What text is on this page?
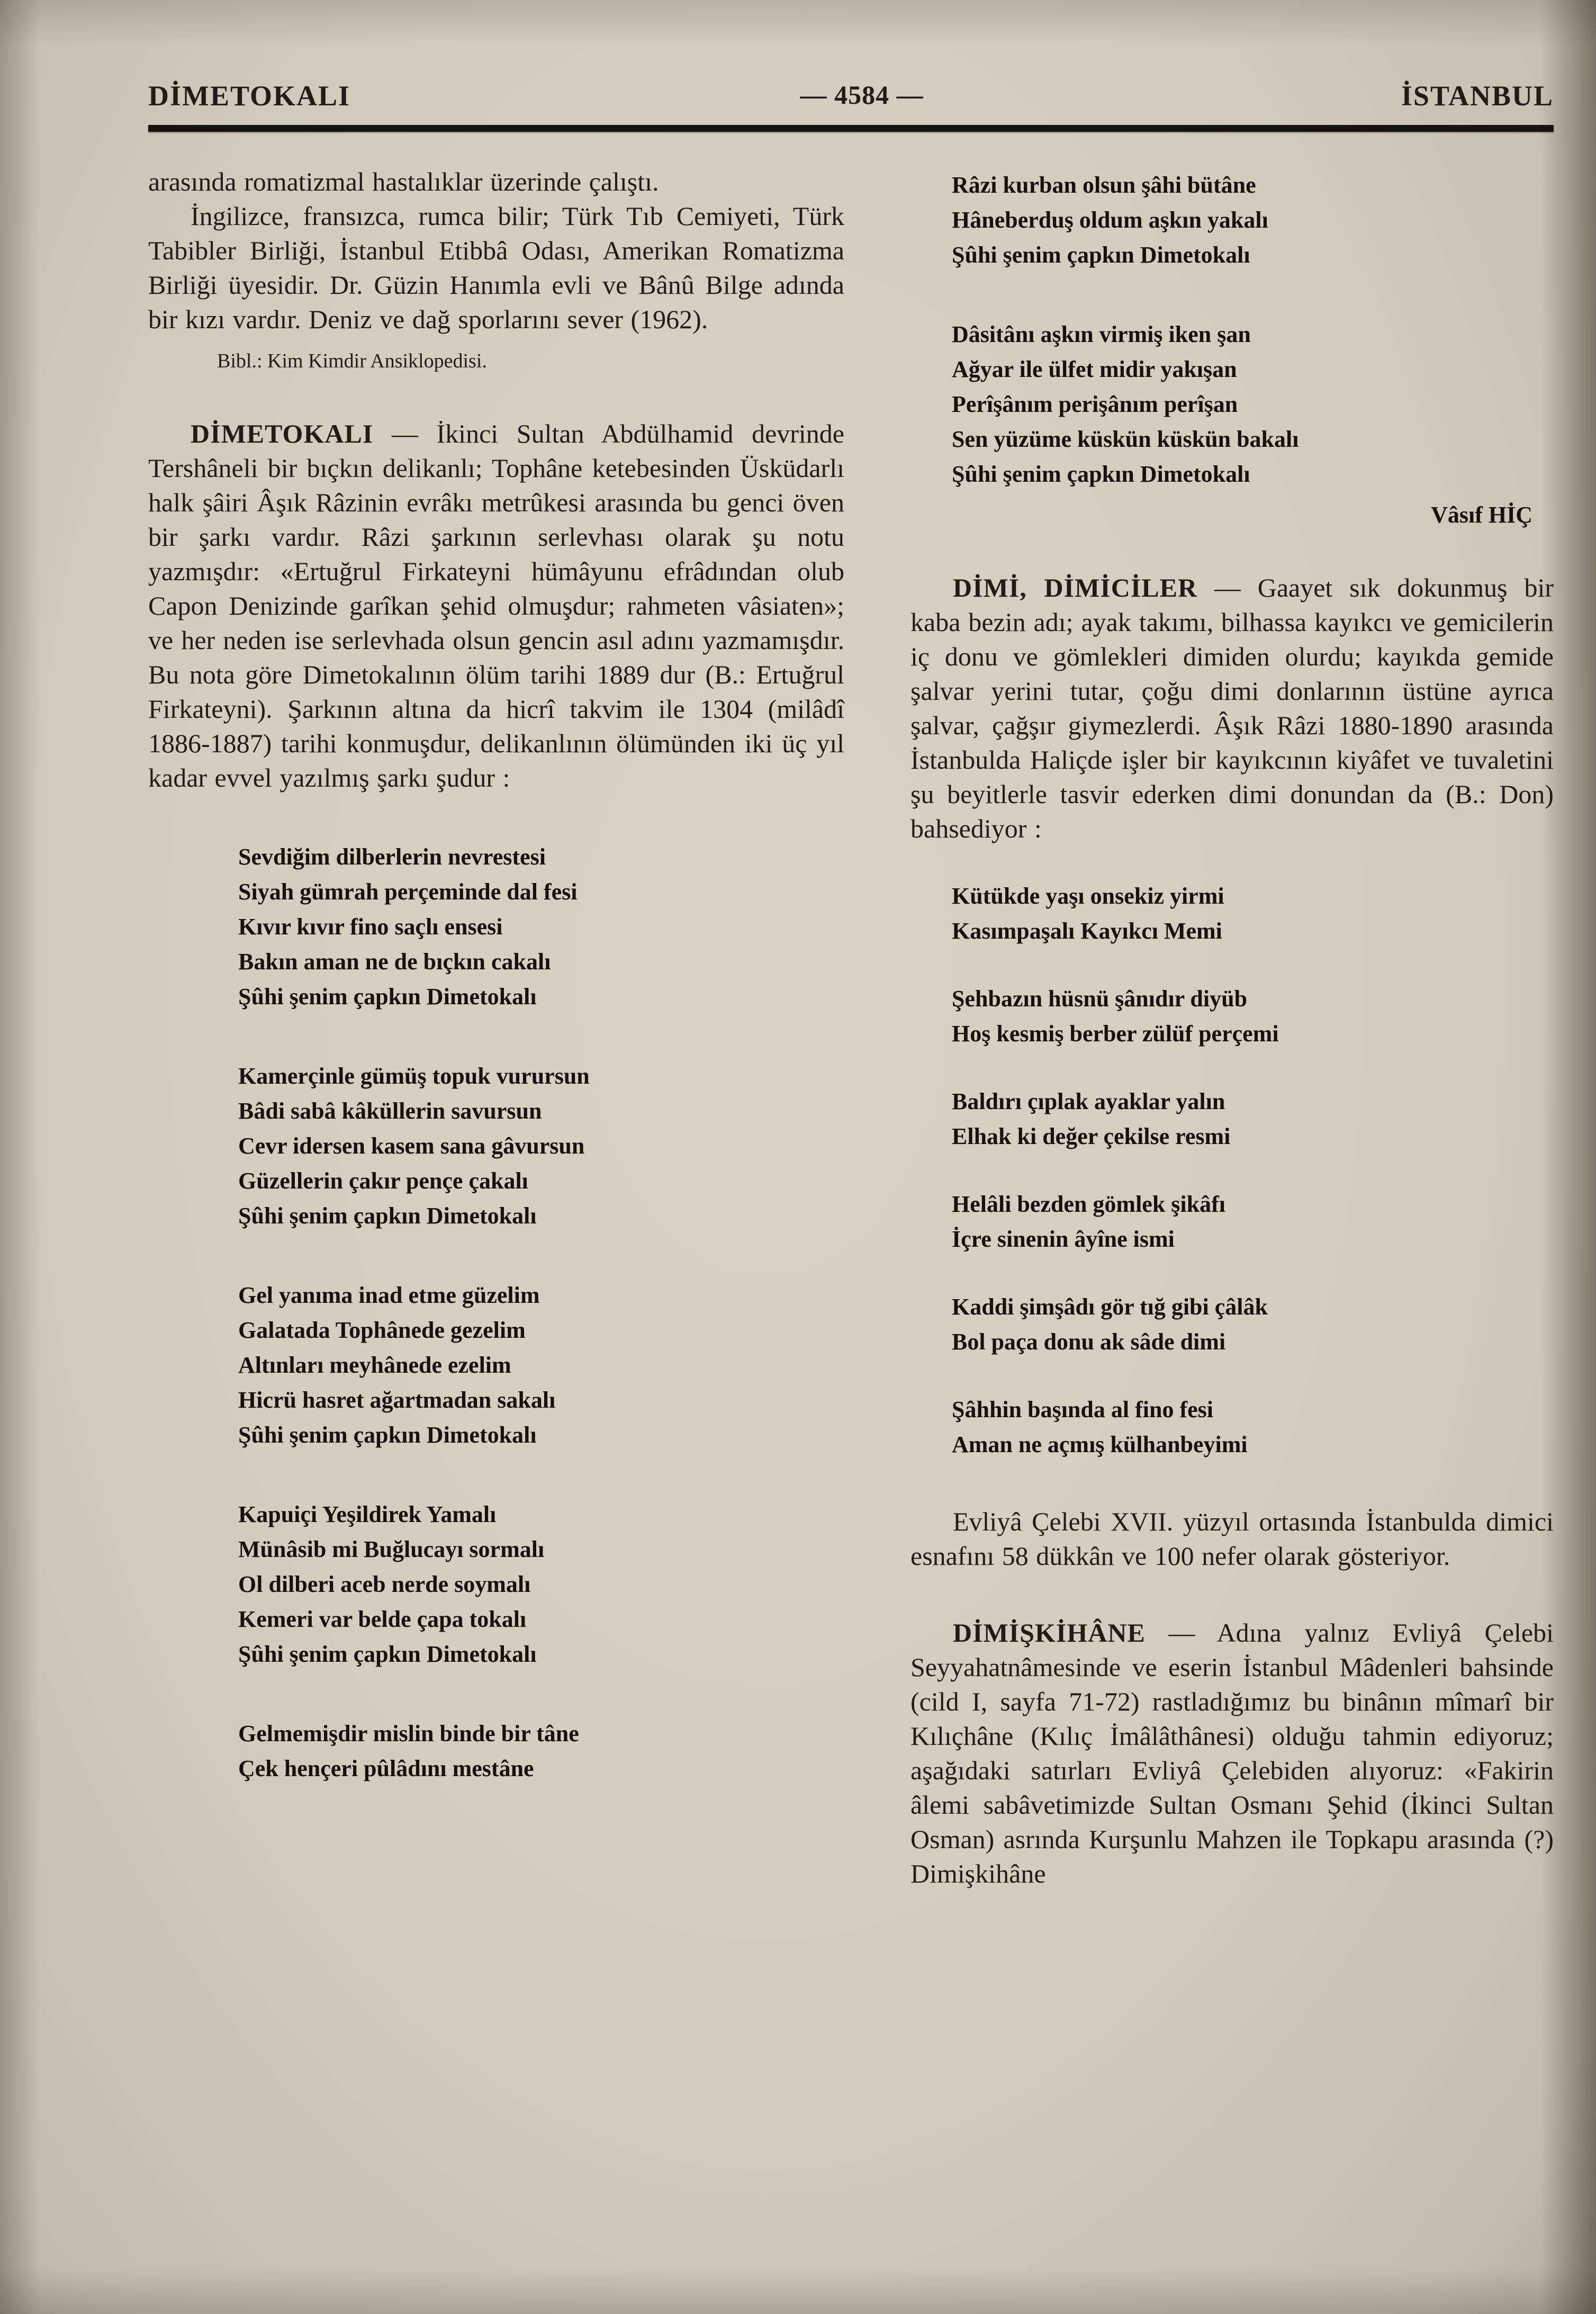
DİMETOKALI	— 4584 —	İSTANBUL

arasında romatizmal hastalıklar üzerinde çalıştı.

İngilizce, fransızca, rumca bilir; Türk Tıb Cemiyeti, Türk Tabibler Birliği, İstanbul Etibbâ Odası, Amerikan Romatizma Birliği üyesidir. Dr. Güzin Hanımla evli ve Bânû Bilge adında bir kızı vardır. Deniz ve dağ sporlarını sever (1962).

Bibl.: Kim Kimdir Ansiklopedisi.

DİMETOKALI — İkinci Sultan Abdülhamid devrinde Tershâneli bir bıçkın delikanlı; Tophâne ketebesinden Üsküdarlı halk şâiri Âşık Râzinin evrâkı metrûkesi arasında bu genci öven bir şarkı vardır. Râzi şarkının serlevhası olarak şu notu yazmışdır: «Ertuğrul Firkateyni hümâyunu efrâdından olub Capon Denizinde garîkan şehid olmuşdur; rahmeten vâsiaten»; ve her neden ise serlevhada olsun gencin asıl adını yazmamışdır. Bu nota göre Dimetokalının ölüm tarihi 1889 dur (B.: Ertuğrul Firkateyni). Şarkının altına da hicrî takvim ile 1304 (milâdî 1886-1887) tarihi konmuşdur, delikanlının ölümünden iki üç yıl kadar evvel yazılmış şarkı şudur :

Sevdiğim dilberlerin nevrestesi

Siyah gümrah perçeminde dal fesi

Kıvır kıvır fino saçlı ensesi

Bakın aman ne de bıçkın cakalı

Şûhi şenim çapkın Dimetokalı

Kamerçinle gümüş topuk vurursun

Bâdi sabâ kâküllerin savursun

Cevr idersen kasem sana gâvursun

Güzellerin çakır pençe çakalı

Şûhi şenim çapkın Dimetokalı

Gel yanıma inad etme güzelim

Galatada Tophânede gezelim

Altınları meyhânede ezelim

Hicrü hasret ağartmadan sakalı

Şûhi şenim çapkın Dimetokalı

Kapuiçi Yeşildirek Yamalı

Münâsib mi Buğlucayı sormalı

Ol dilberi aceb nerde soymalı

Kemeri var belde çapa tokalı

Şûhi şenim çapkın Dimetokalı

Gelmemişdir mislin binde bir tâne

Çek hençeri pûlâdını mestâne

Râzi kurban olsun şâhi bütâne

Hâneberduş oldum aşkın yakalı

Şûhi şenim çapkın Dimetokalı

Dâsitânı aşkın virmiş iken şan

Ağyar ile ülfet midir yakışan

Perîşânım perişânım perîşan

Sen yüzüme küskün küskün bakalı

Şûhi şenim çapkın Dimetokalı

Vâsıf HİÇ

DİMİ, DİMİCİLER — Gaayet sık dokunmuş bir kaba bezin adı; ayak takımı, bilhassa kayıkcı ve gemicilerin iç donu ve gömlekleri dimiden olurdu; kayıkda gemide şalvar yerini tutar, çoğu dimi donlarının üstüne ayrıca şalvar, çağşır giymezlerdi. Âşık Râzi 1880-1890 arasında İstanbulda Haliçde işler bir kayıkcının kiyâfet ve tuvaletini şu beyitlerle tasvir ederken dimi donundan da (B.: Don) bahsediyor :

Kütükde yaşı onsekiz yirmi

Kasımpaşalı Kayıkcı Memi

Şehbazın hüsnü şânıdır diyüb

Hoş kesmiş berber zülüf perçemi

Baldırı çıplak ayaklar yalın

Elhak ki değer çekilse resmi

Helâli bezden gömlek şikâfı

İçre sinenin âyîne ismi

Kaddi şimşâdı gör tığ gibi çâlâk

Bol paça donu ak sâde dimi

Şâhhin başında al fino fesi

Aman ne açmış külhanbeyimi

Evliyâ Çelebi XVII. yüzyıl ortasında İstanbulda dimici esnafını 58 dükkân ve 100 nefer olarak gösteriyor.

DİMİŞKİHÂNE — Adına yalnız Evliyâ Çelebi Seyyahatnâmesinde ve eserin İstanbul Mâdenleri bahsinde (cild I, sayfa 71-72) rastladığımız bu binânın mîmarî bir Kılıçhâne (Kılıç İmâlâthânesi) olduğu tahmin ediyoruz; aşağıdaki satırları Evliyâ Çelebiden alıyoruz: «Fakirin âlemi sabâvetimizde Sultan Osmanı Şehid (İkinci Sultan Osman) asrında Kurşunlu Mahzen ile Topkapu arasında (?) Dimişkihâne
